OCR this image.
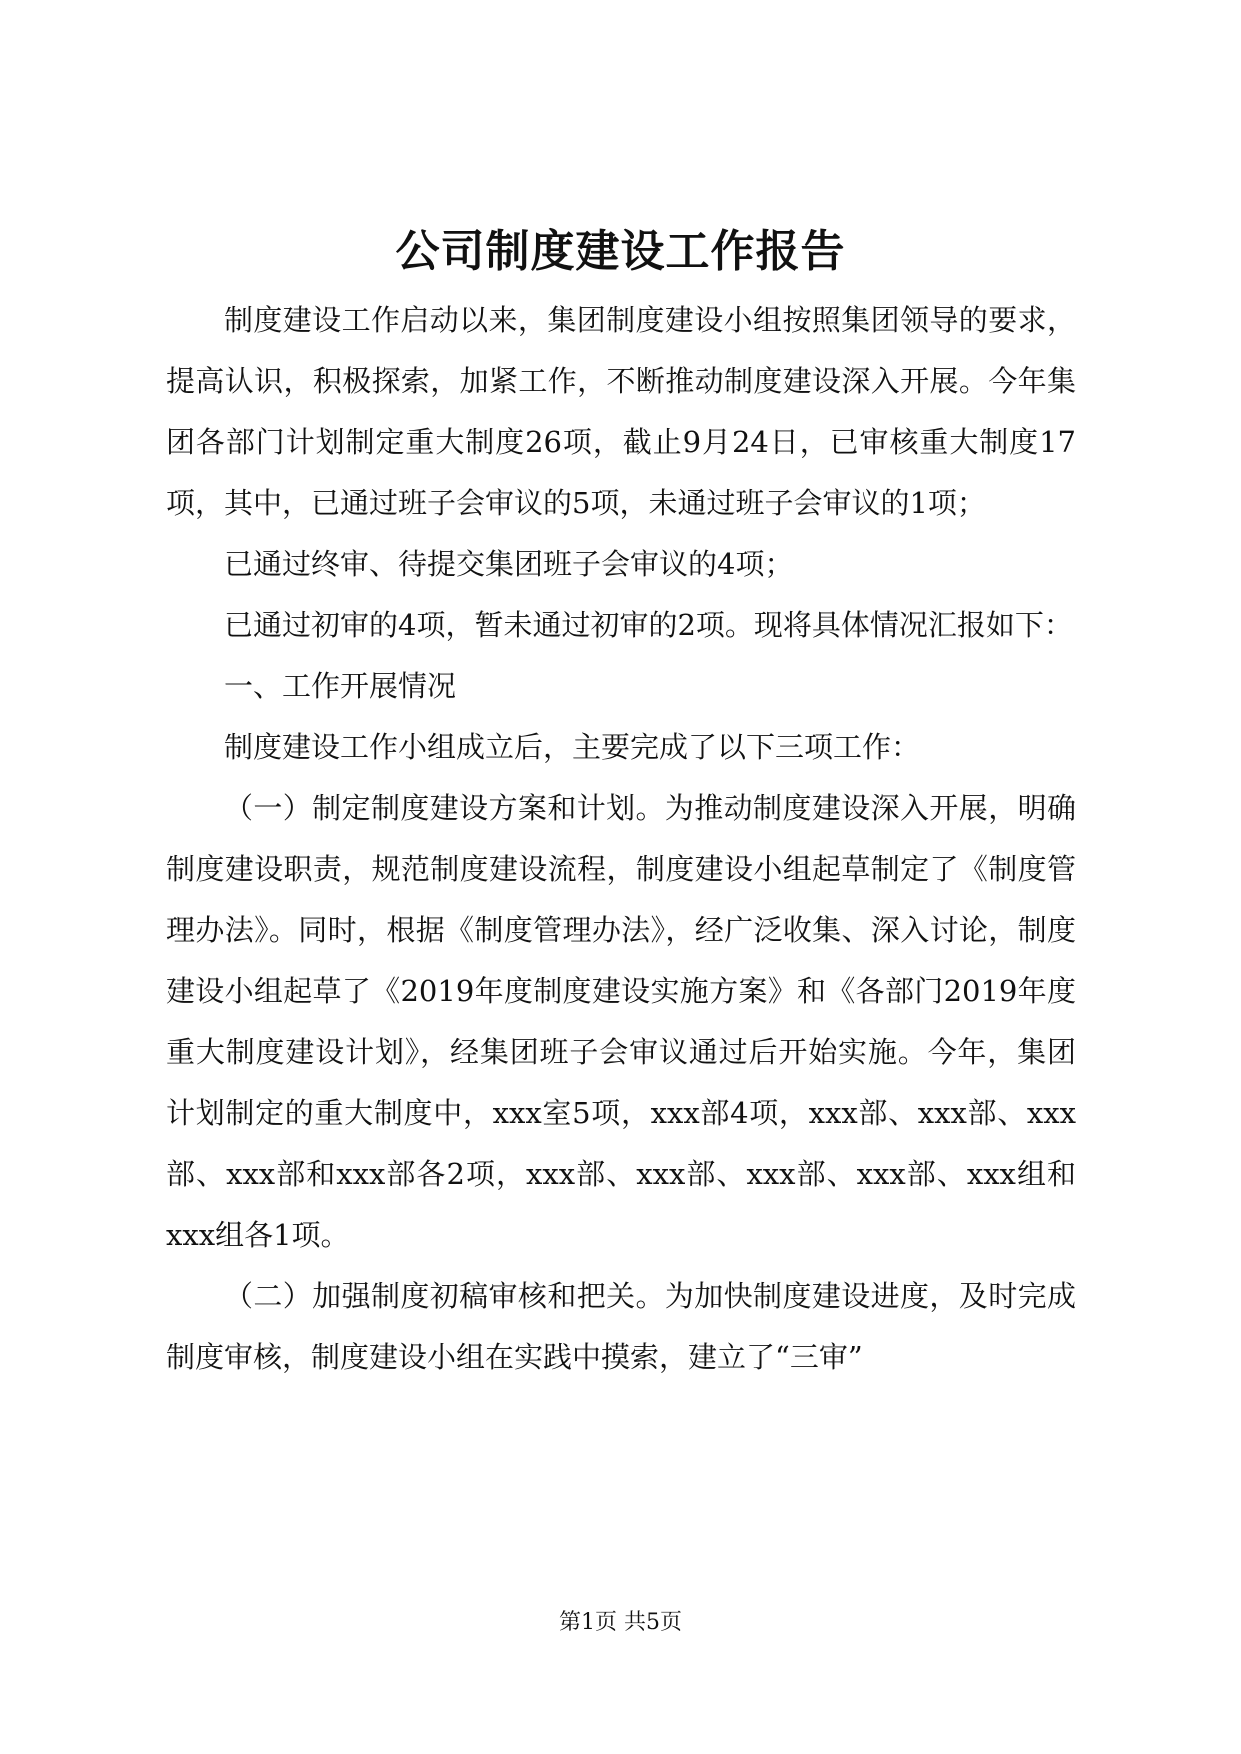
公司制度建设工作报告

制度建设工作启动以来，集团制度建设小组按照集团领导的要求，提高认识，积极探索，加紧工作，不断推动制度建设深入开展。今年集团各部门计划制定重大制度26项，截止9月24日，已审核重大制度17项，其中，已通过班子会审议的5项，未通过班子会审议的1项；

已通过终审、待提交集团班子会审议的4项；

已通过初审的4项，暂未通过初审的2项。现将具体情况汇报如下：

一、工作开展情况

制度建设工作小组成立后，主要完成了以下三项工作：

（一）制定制度建设方案和计划。为推动制度建设深入开展，明确制度建设职责，规范制度建设流程，制度建设小组起草制定了《制度管理办法》。同时，根据《制度管理办法》，经广泛收集、深入讨论，制度建设小组起草了《2019年度制度建设实施方案》和《各部门2019年度重大制度建设计划》，经集团班子会审议通过后开始实施。今年，集团计划制定的重大制度中，xxx室5项，xxx部4项，xxx部、xxx部、xxx部、xxx部和xxx部各2项，xxx部、xxx部、xxx部、xxx部、xxx组和xxx组各1项。

（二）加强制度初稿审核和把关。为加快制度建设进度，及时完成制度审核，制度建设小组在实践中摸索，建立了“三审”

第1页 共5页
